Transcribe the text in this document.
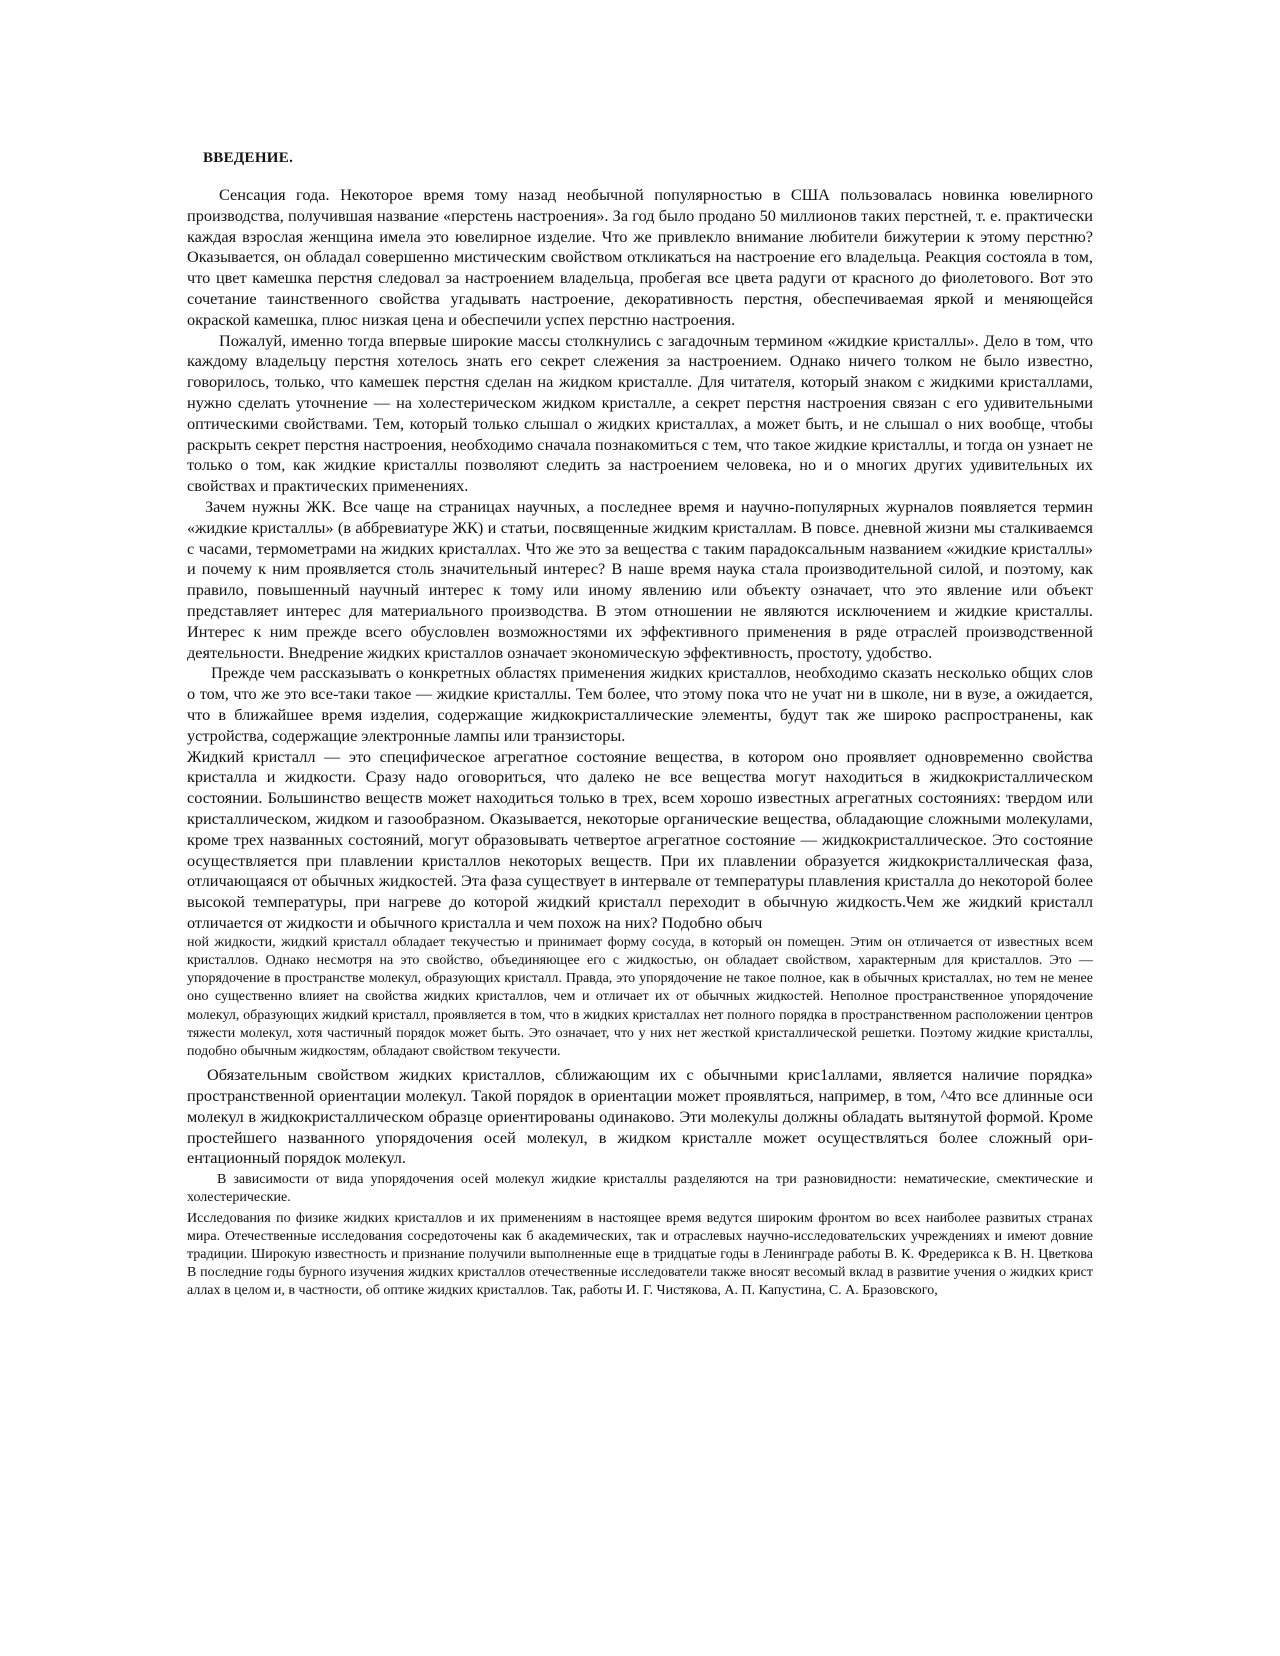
ВВЕДЕНИЕ.

Сенсация года. Некоторое время тому назад необычной популярностью в США пользовалась новинка ювелирного производства, получившая название «перстень настроения». За год было продано 50 миллионов таких перстней, т. е. практически каждая взрослая женщина имела это ювелирное изделие. Что же привлекло внимание любители бижутерии к этому перстню? Оказывается, он обладал совершенно мистическим свойством откликаться на настроение его владельца. Реакция состояла в том, что цвет камешка перстня следовал за настроением владельца, пробегая все цвета радуги от красного до фиолетового. Вот это сочетание таинственного свойства угадывать настроение, декоративность перстня, обеспечиваемая яркой и меняющейся окраской камешка, плюс низкая цена и обеспечили успех перстню настроения.

Пожалуй, именно тогда впервые широкие массы столкнулись с загадочным термином «жидкие кристаллы». Дело в том, что каждому владельцу перстня хотелось знать его секрет слежения за настроением. Однако ничего толком не было известно, говорилось, только, что камешек перстня сделан на жидком кристалле. Для читателя, который знаком с жидкими кристаллами, нужно сделать уточнение — на холестерическом жидком кристалле, а секрет перстня настроения связан с его удивительными оптическими свойствами. Тем, который только слышал о жидких кристаллах, а может быть, и не слышал о них вообще, чтобы раскрыть секрет перстня настроения, необходимо сначала познакомиться с тем, что такое жидкие кристаллы, и тогда он узнает не только о том, как жидкие кристаллы позволяют следить за настроением человека, но и о многих других удивительных их свойствах и практических применениях.

Зачем нужны ЖК. Все чаще на страницах научных, а последнее время и научно-популярных журналов появляется термин «жидкие кристаллы» (в аббревиатуре ЖК) и статьи, посвященные жидким кристаллам. В повсе. дневной жизни мы сталкиваемся с часами, термометрами на жидких кристаллах. Что же это за вещества с таким парадоксальным названием «жидкие кристаллы» и почему к ним проявляется столь значительный интерес? В наше время наука стала производительной силой, и поэтому, как правило, повышенный научный интерес к тому или иному явлению или объекту означает, что это явление или объект представляет интерес для материального производства. В этом отношении не являются исключением и жидкие кристаллы. Интерес к ним прежде всего обусловлен возможностями их эффективного применения в ряде отраслей производственной деятельности. Внедрение жидких кристаллов означает экономическую эффективность, простоту, удобство.

Прежде чем рассказывать о конкретных областях применения жидких кристаллов, необходимо сказать несколько общих слов о том, что же это все-таки такое — жидкие кристаллы. Тем более, что этому пока что не учат ни в школе, ни в вузе, а ожидается, что в ближайшее время изделия, содержащие жидкокристаллические элементы, будут так же широко распространены, как устройства, содержащие электронные лампы или транзисторы.

Жидкий кристалл — это специфическое агрегатное состояние вещества, в котором оно проявляет одновременно свойства кристалла и жидкости. Сразу надо оговориться, что далеко не все вещества могут находиться в жидкокристаллическом состоянии. Большинство веществ может находиться только в трех, всем хорошо известных агрегатных состояниях: твердом или кристаллическом, жидком и газообразном. Оказывается, некоторые органические вещества, обладающие сложными молекулами, кроме трех названных состояний, могут образовывать четвертое агрегатное состояние — жидкокристаллическое. Это состояние осуществляется при плавлении кристаллов некоторых веществ. При их плавлении образуется жидкокристаллическая фаза, отличающаяся от обычных жидкостей. Эта фаза существует в интервале от температуры плавления кристалла до некоторой более высокой температуры, при нагреве до которой жидкий кристалл переходит в обычную жидкость.Чем же жидкий кристалл отличается от жидкости и обычного кристалла и чем похож на них? Подобно обыч

ной жидкости, жидкий кристалл обладает текучестью и принимает форму сосуда, в который он помещен. Этим он отличается от известных всем кристаллов. Однако несмотря на это свойство, объединяющее его с жидкостью, он обладает свойством, характерным для кристаллов. Это — упорядочение в пространстве молекул, образующих кристалл. Правда, это упорядочение не такое полное, как в обычных кристаллах, но тем не менее оно существенно влияет на свойства жидких кристаллов, чем и отличает их от обычных жидкостей. Неполное пространственное упорядочение молекул, образующих жидкий кристалл, проявляется в том, что в жидких кристаллах нет полного порядка в пространственном расположении центров тяжести молекул, хотя частичный порядок может быть. Это означает, что у них нет жесткой кристаллической решетки. Поэтому жидкие кристаллы, подобно обычным жидкостям, обладают свойством текучести.

Обязательным свойством жидких кристаллов, сближающим их с обычными крис1аллами, является наличие порядка» пространственной ориентации молекул. Такой порядок в ориентации может проявляться, например, в том, ^4то все длинные оси молекул в жидкокристаллическом образце ориентированы одинаково. Эти молекулы должны обладать вытянутой формой. Кроме простейшего названного упорядочения осей молекул, в жидком кристалле может осуществляться более сложный ори-ентационный порядок молекул.

В зависимости от вида упорядочения осей молекул жидкие кристаллы разделяются на три разновидности: нематические, смектические и холестерические.

Исследования по физике жидких кристаллов и их применениям в настоящее время ведутся широким фронтом во всех наиболее развитых странах мира. Отечественные исследования сосредоточены как б академических, так и отраслевых научно-исследовательских учреждениях и имеют довние традиции. Широкую известность и признание получили выполненные еще в тридцатые годы в Ленинграде работы В. К. Фредерикса к В. Н. Цветкова В последние годы бурного изучения жидких кристаллов отечественные исследователи также вносят весомый вклад в развитие учения о жидких крист аллах в целом и, в частности, об оптике жидких кристаллов. Так, работы И. Г. Чистякова, А. П. Капустина, С. А. Бразовского,
